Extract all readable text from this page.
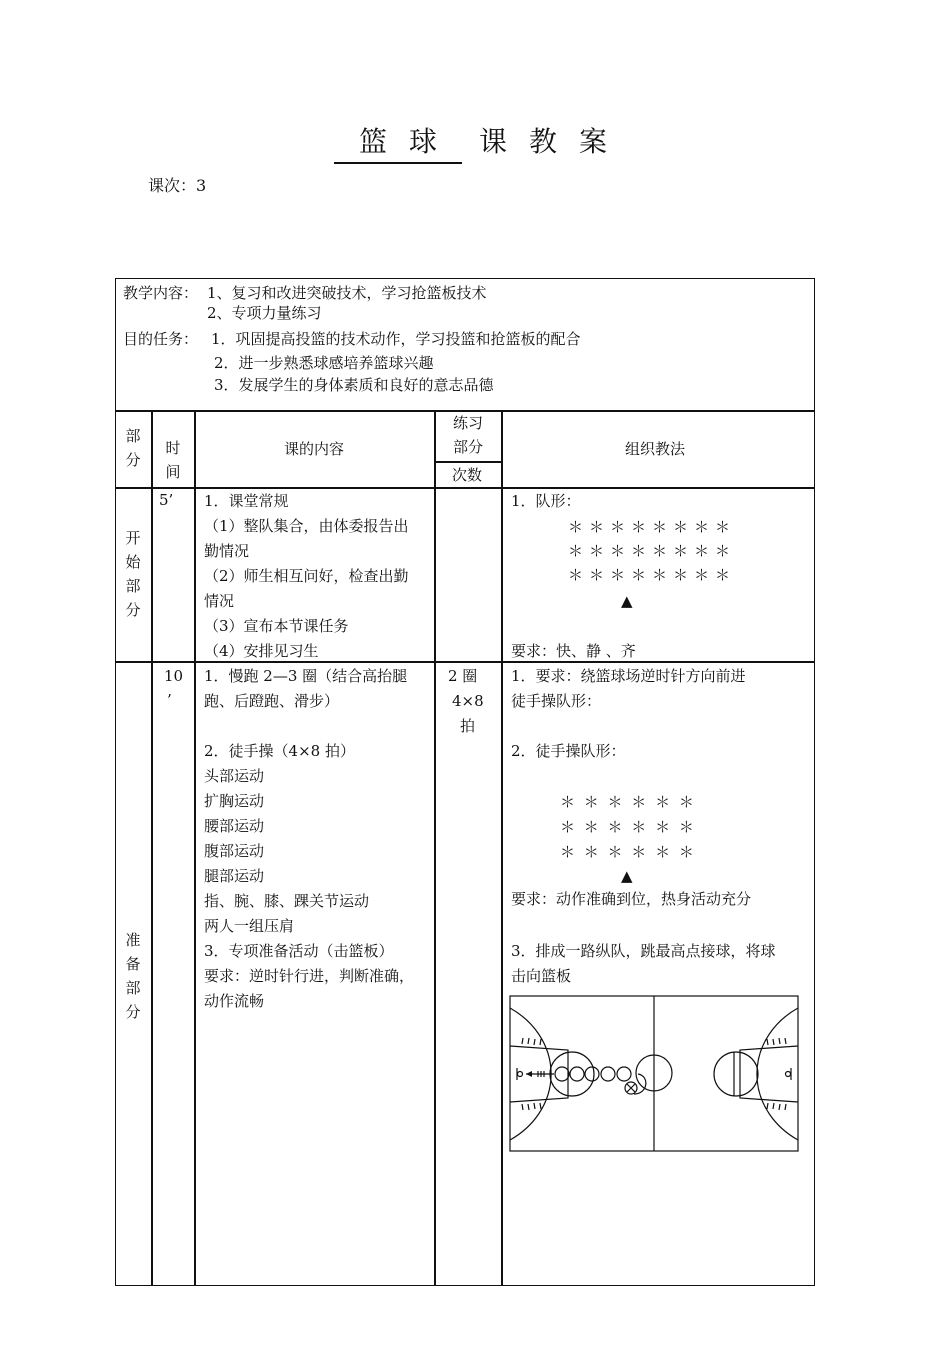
篮 球 课 教 案
课次：3
教学内容： 1、复习和改进突破技术，学习抢篮板技术
2、专项力量练习
目的任务： 1．巩固提高投篮的技术动作，学习投篮和抢篮板的配合
2．进一步熟悉球感培养篮球兴趣
3．发展学生的身体素质和良好的意志品德
部分
时间
课的内容
练习部分
次数
组织教法
开始部分
5’ 1．课堂常规
（1）整队集合，由体委报告出
勤情况
（2）师生相互问好，检查出勤
情况
（3）宣布本节课任务
（4）安排见习生
1．队形：
＊＊＊＊＊＊＊＊
＊＊＊＊＊＊＊＊
＊＊＊＊＊＊＊＊
▲
要求：快、静 、齐
准备部分
10
’
1．慢跑 2—3 圈（结合高抬腿
跑、后蹬跑、滑步）
2．徒手操（4×8 拍）
头部运动
扩胸运动
腰部运动
腹部运动
腿部运动
指、腕、膝、踝关节运动
两人一组压肩
3．专项准备活动（击篮板）
要求：逆时针行进，判断准确，
动作流畅
2 圈
4×8
拍
1．要求：绕篮球场逆时针方向前进
徒手操队形：
2．徒手操队形：
＊ ＊ ＊ ＊ ＊ ＊
＊ ＊ ＊ ＊ ＊ ＊
＊ ＊ ＊ ＊ ＊ ＊
▲
要求：动作准确到位，热身活动充分
3．排成一路纵队，跳最高点接球，将球
击向篮板
